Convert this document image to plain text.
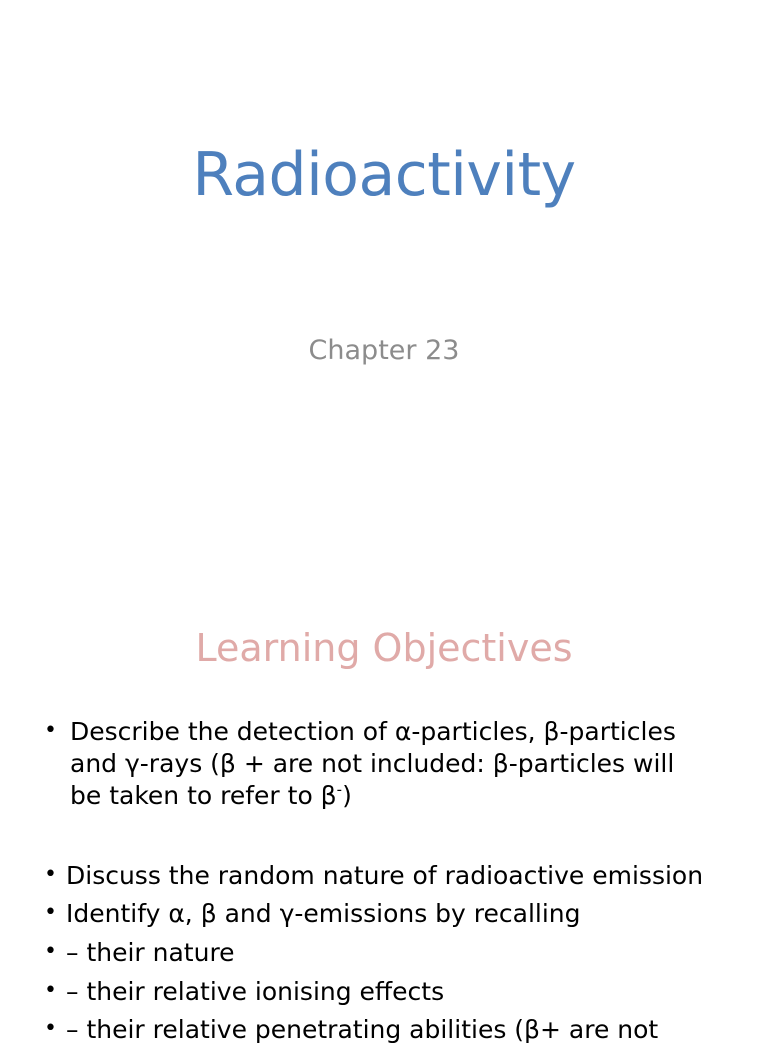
Radioactivity
Chapter 23
Learning Objectives
• Describe the detection of α-particles, β-particles
and γ-rays (β + are not included: β-particles will
be taken to refer to β-)
• Discuss the random nature of radioactive emission
• Identify α, β and γ-emissions by recalling
• – their nature
• – their relative ionising effects
• – their relative penetrating abilities (β+ are not
